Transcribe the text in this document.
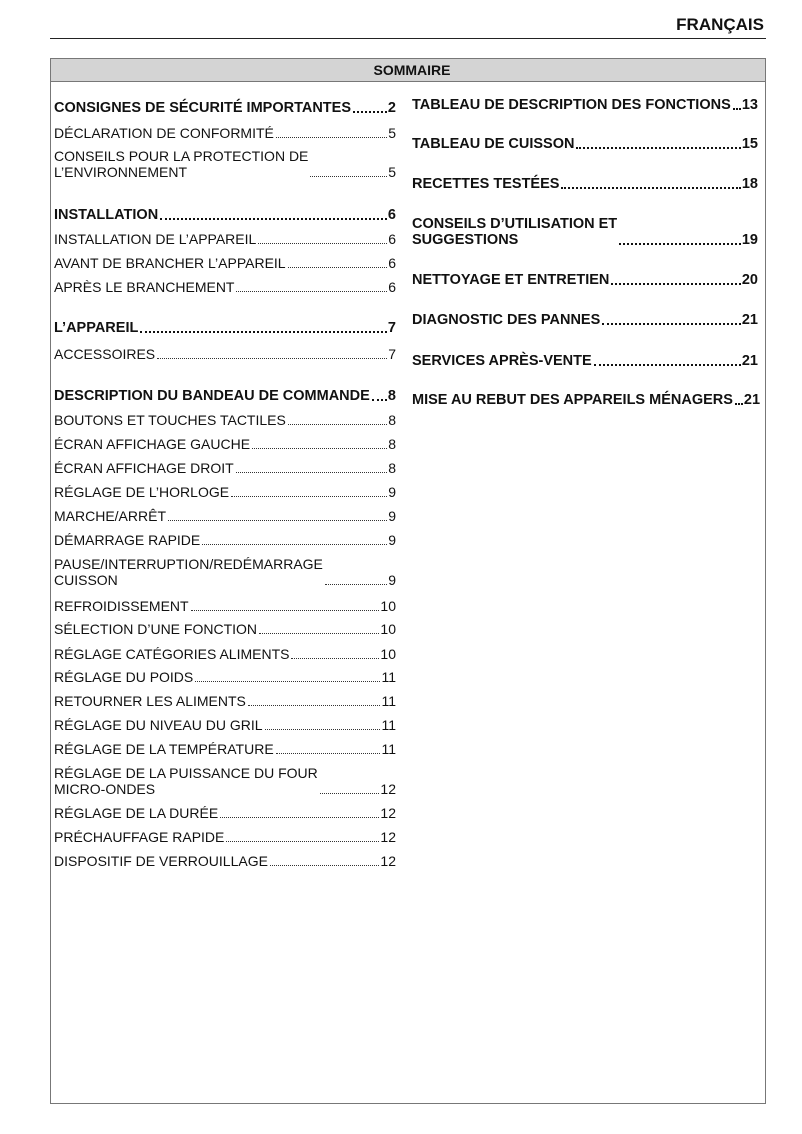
FRANÇAIS
SOMMAIRE
CONSIGNES DE SÉCURITÉ IMPORTANTES	2
DÉCLARATION DE CONFORMITÉ	5
CONSEILS POUR LA PROTECTION DE
L’ENVIRONNEMENT	5
INSTALLATION	6
INSTALLATION DE L’APPAREIL	6
AVANT DE BRANCHER L’APPAREIL	6
APRÈS LE BRANCHEMENT	6
L’APPAREIL	7
ACCESSOIRES	7
DESCRIPTION DU BANDEAU DE COMMANDE 8
BOUTONS ET TOUCHES TACTILES	8
ÉCRAN AFFICHAGE GAUCHE	8
ÉCRAN AFFICHAGE DROIT	8
RÉGLAGE DE L’HORLOGE	9
MARCHE/ARRÊT	9
DÉMARRAGE RAPIDE	9
PAUSE/INTERRUPTION/REDÉMARRAGE
CUISSON	9
REFROIDISSEMENT	10
SÉLECTION D’UNE FONCTION	10
RÉGLAGE CATÉGORIES ALIMENTS	10
RÉGLAGE DU POIDS	11
RETOURNER LES ALIMENTS	11
RÉGLAGE DU NIVEAU DU GRIL	11
RÉGLAGE DE LA TEMPÉRATURE	11
RÉGLAGE DE LA PUISSANCE DU FOUR
MICRO-ONDES	12
RÉGLAGE DE LA DURÉE	12
PRÉCHAUFFAGE RAPIDE	12
DISPOSITIF DE VERROUILLAGE	12
TABLEAU DE DESCRIPTION DES FONCTIONS 13
TABLEAU DE CUISSON	15
RECETTES TESTÉES	18
CONSEILS D’UTILISATION ET
SUGGESTIONS	19
NETTOYAGE ET ENTRETIEN	20
DIAGNOSTIC DES PANNES	21
SERVICES APRÈS-VENTE	21
MISE AU REBUT DES APPAREILS MÉNAGERS 21
